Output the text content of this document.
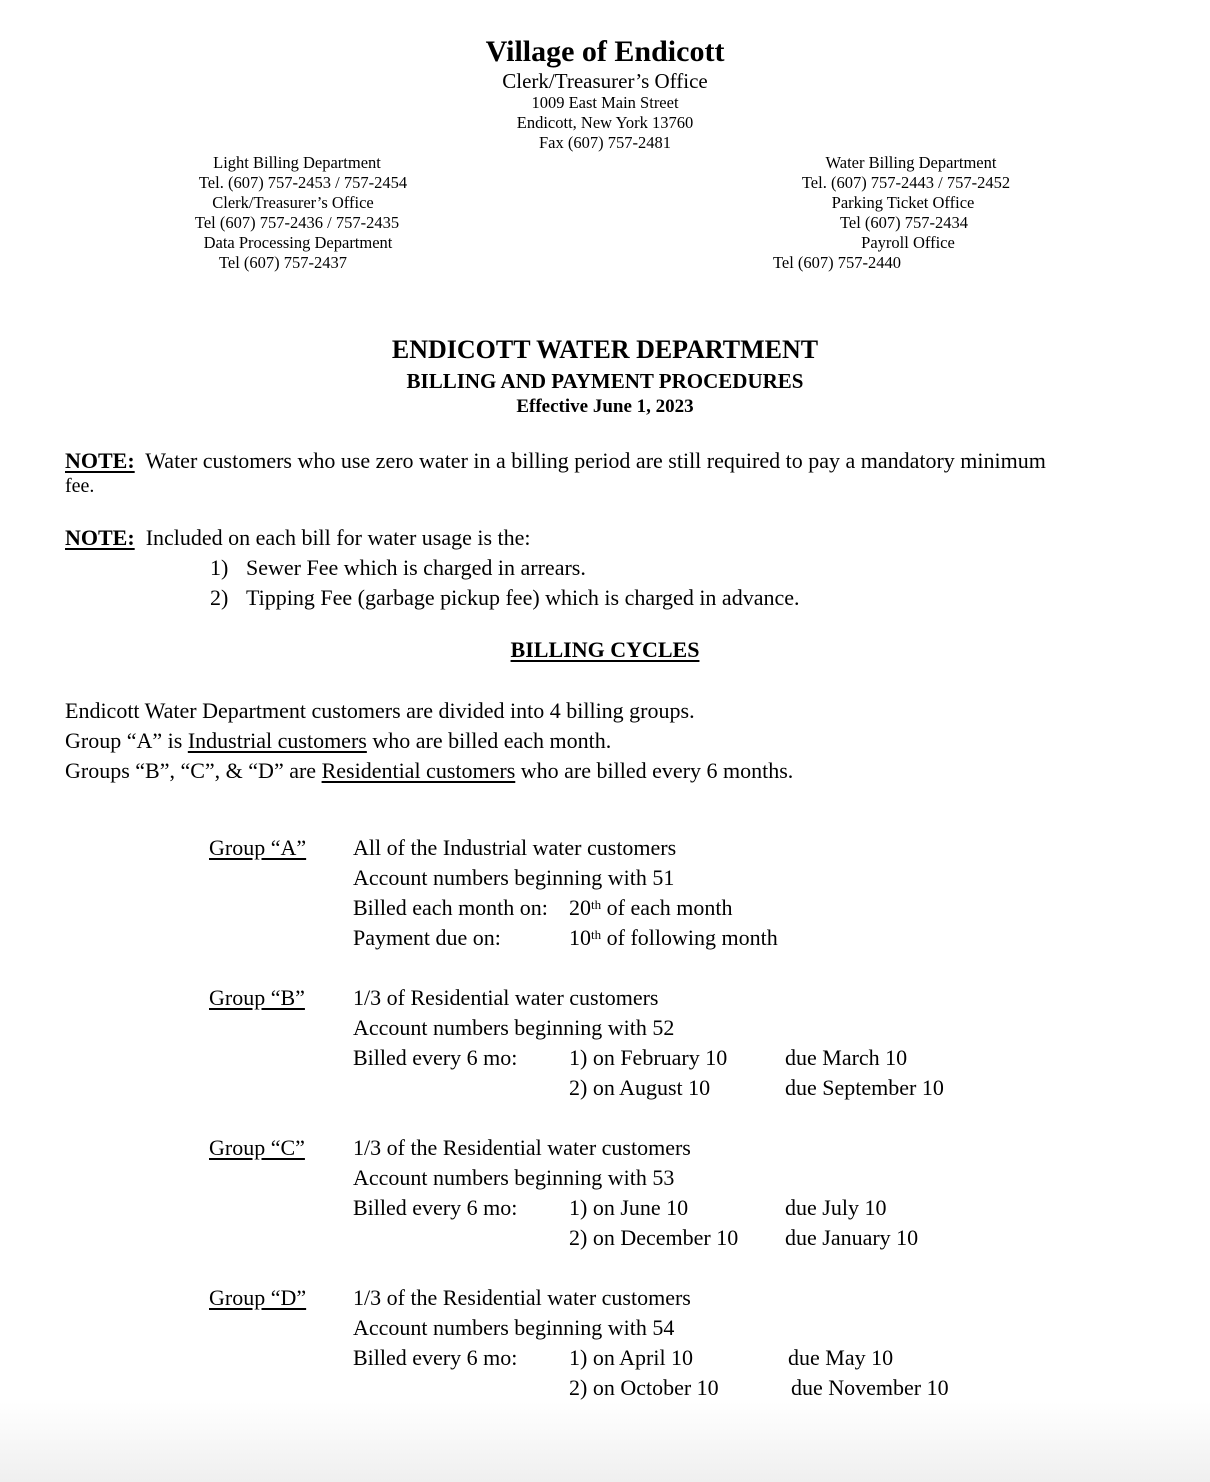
Village of Endicott
Clerk/Treasurer’s Office
1009 East Main Street
Endicott, New York 13760
Fax (607) 757-2481
Light Billing Department
Tel. (607) 757-2453 / 757-2454
Clerk/Treasurer’s Office
Tel (607) 757-2436 / 757-2435
Data Processing Department
Tel (607) 757-2437
Water Billing Department
Tel. (607) 757-2443 / 757-2452
Parking Ticket Office
Tel (607) 757-2434
Payroll Office
Tel (607) 757-2440
ENDICOTT WATER DEPARTMENT
BILLING AND PAYMENT PROCEDURES
Effective June 1, 2023
NOTE: Water customers who use zero water in a billing period are still required to pay a mandatory minimum
fee.
NOTE: Included on each bill for water usage is the:
1) Sewer Fee which is charged in arrears.
2) Tipping Fee (garbage pickup fee) which is charged in advance.
BILLING CYCLES
Endicott Water Department customers are divided into 4 billing groups.
Group “A” is Industrial customers who are billed each month.
Groups “B”, “C”, & “D” are Residential customers who are billed every 6 months.
Group “A” All of the Industrial water customers
Account numbers beginning with 51
Billed each month on: 20th of each month
Payment due on:	10th of following month
Group “B” 1/3 of Residential water customers
Account numbers beginning with 52
Billed every 6 mo: 1) on February 10	due March 10
2) on August 10	due September 10
Group “C” 1/3 of the Residential water customers
Account numbers beginning with 53
Billed every 6 mo: 1) on June 10	due July 10
2) on December 10 due January 10
Group “D” 1/3 of the Residential water customers
Account numbers beginning with 54
Billed every 6 mo: 1) on April 10	due May 10
2) on October 10	due November 10
